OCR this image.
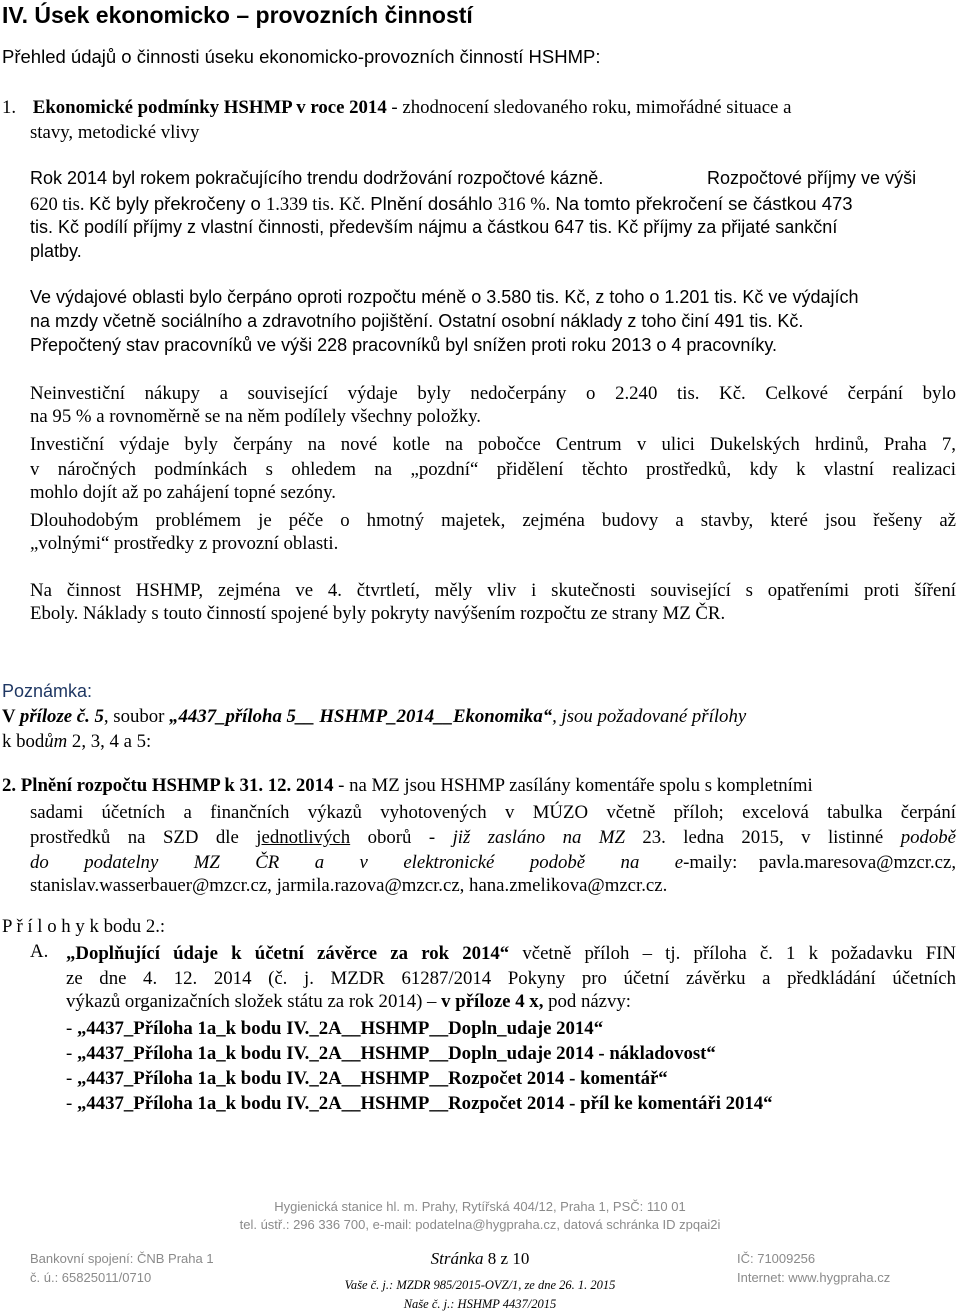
IV. Úsek ekonomicko – provozních činností
Přehled údajů o činnosti úseku ekonomicko-provozních činností HSHMP:
1. Ekonomické podmínky HSHMP v roce 2014 - zhodnocení sledovaného roku, mimořádné situace a
stavy, metodické vlivy
Rok 2014 byl rokem pokračujícího trendu dodržování rozpočtové kázně.	Rozpočtové příjmy ve výši
620 tis. Kč byly překročeny o 1.339 tis. Kč. Plnění dosáhlo 316 %. Na tomto překročení se částkou 473
tis. Kč podílí příjmy z vlastní činnosti, především nájmu a částkou 647 tis. Kč příjmy za přijaté sankční
platby.
Ve výdajové oblasti bylo čerpáno oproti rozpočtu méně o 3.580 tis. Kč, z toho o 1.201 tis. Kč ve výdajích
na mzdy včetně sociálního a zdravotního pojištění. Ostatní osobní náklady z toho činí 491 tis. Kč.
Přepočtený stav pracovníků ve výši 228 pracovníků byl snížen proti roku 2013 o 4 pracovníky.

Neinvestiční nákupy a související výdaje byly nedočerpány o 2.240 tis. Kč. Celkové čerpání bylo

na 95 % a rovnoměrně se na něm podílely všechny položky.

Investiční výdaje byly čerpány na nové kotle na pobočce Centrum v ulici Dukelských hrdinů, Praha 7,

v náročných podmínkách s ohledem na „pozdní“ přidělení těchto prostředků, kdy k vlastní realizaci

mohlo dojít až po zahájení topné sezóny.

Dlouhodobým problémem je péče o hmotný majetek, zejména budovy a stavby, které jsou řešeny až

„volnými“ prostředky z provozní oblasti.

Na činnost HSHMP, zejména ve 4. čtvrtletí, měly vliv i skutečnosti související s opatřeními proti šíření

Eboly. Náklady s touto činností spojené byly pokryty navýšením rozpočtu ze strany MZ ČR.
Poznámka:
V příloze č. 5, soubor „4437_příloha 5__ HSHMP_2014__Ekonomika“, jsou požadované přílohy
k bodům 2, 3, 4 a 5:
2. Plnění rozpočtu HSHMP k 31. 12. 2014 - na MZ jsou HSHMP zasílány komentáře spolu s kompletními

sadami účetních a finančních výkazů vyhotovených v MÚZO včetně příloh; excelová tabulka čerpání

prostředků na SZD dle jednotlivých oborů - již zasláno na MZ 23. ledna 2015, v listinné podobě

do podatelny MZ ČR a v elektronické podobě na e-maily: pavla.maresova@mzcr.cz,

stanislav.wasserbauer@mzcr.cz, jarmila.razova@mzcr.cz, hana.zmelikova@mzcr.cz.
P ř í l o h y k bodu 2.:
A. „Doplňující údaje k účetní závěrce za rok 2014“ včetně příloh – tj. příloha č. 1 k požadavku FIN

ze dne 4. 12. 2014 (č. j. MZDR 61287/2014 Pokyny pro účetní závěrku a předkládání účetních

výkazů organizačních složek státu za rok 2014) – v příloze 4 x, pod názvy:
- „4437_Příloha 1a_k bodu IV._2A__HSHMP__Dopln_udaje 2014“
- „4437_Příloha 1a_k bodu IV._2A__HSHMP__Dopln_udaje 2014 - nákladovost“
- „4437_Příloha 1a_k bodu IV._2A__HSHMP__Rozpočet 2014 - komentář“
- „4437_Příloha 1a_k bodu IV._2A__HSHMP__Rozpočet 2014 - příl ke komentáři 2014“
Hygienická stanice hl. m. Prahy, Rytířská 404/12, Praha 1, PSČ: 110 01
tel. ústř.: 296 336 700, e-mail: podatelna@hygpraha.cz, datová schránka ID zpqai2i
Bankovní spojení: ČNB Praha 1
č. ú.: 65825011/0710
Stránka 8 z 10
Vaše č. j.: MZDR 985/2015-OVZ/1, ze dne 26. 1. 2015
Naše č. j.: HSHMP 4437/2015
IČ: 71009256
Internet: www.hygpraha.cz
